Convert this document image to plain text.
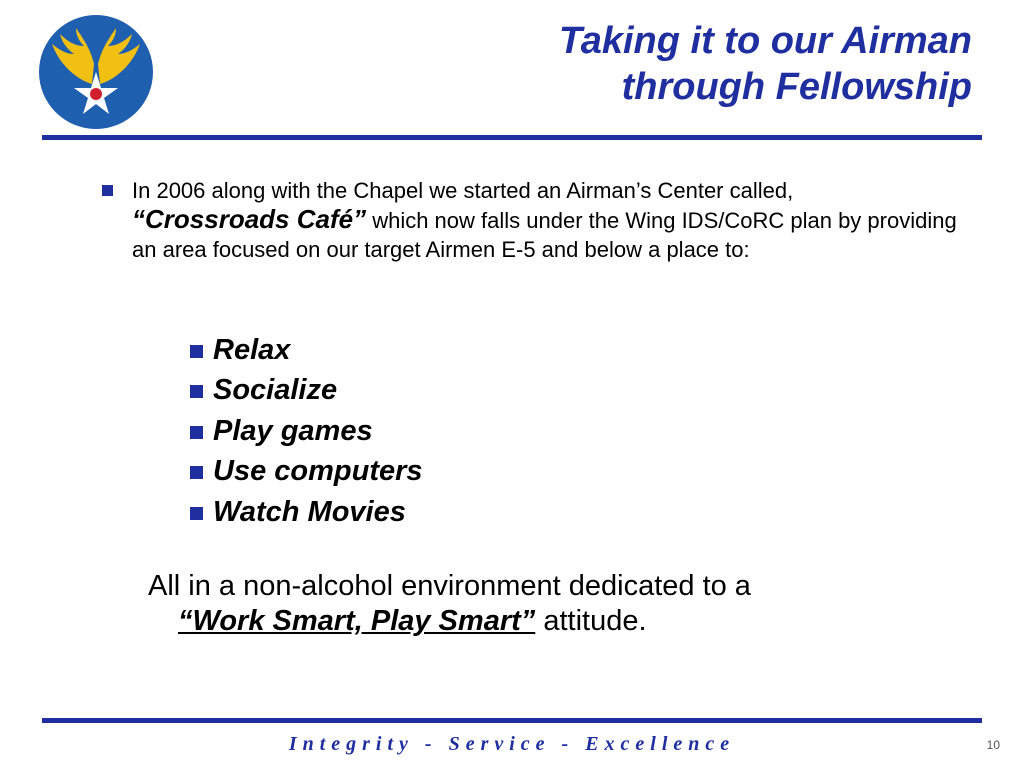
Taking it to our Airman
through Fellowship
In 2006 along with the Chapel we started an Airman’s Center called,
“Crossroads Café” which now falls under the Wing IDS/CoRC plan by providing an area focused on our target Airmen E-5 and below a place to:
Relax
Socialize
Play games
Use computers
Watch Movies
All in a non-alcohol environment dedicated to a
“Work Smart, Play Smart” attitude.
Integrity - Service - Excellence	10
